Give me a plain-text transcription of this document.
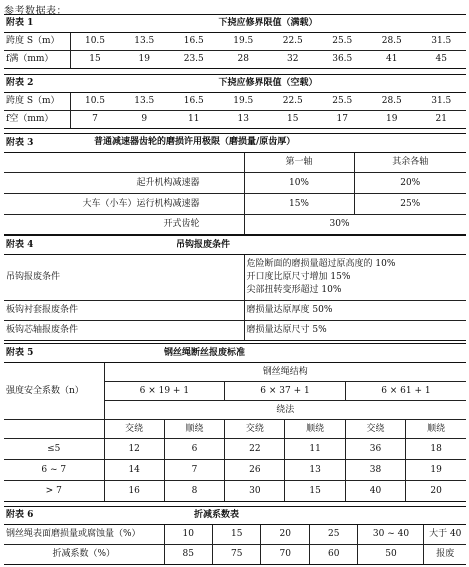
参考数据表：
附表 1	下挠应修界限值（满载）							
跨度 S（m）	10.5	13.5	16.5	19.5	22.5	25.5	28.5	31.5
f满（mm）	15	19	23.5	28	32	36.5	41	45
附表 2	下挠应修界限值（空载）							
跨度 S（m）	10.5	13.5	16.5	19.5	22.5	25.5	28.5	31.5
f空（mm）	7	9	11	13	15	17	19	21
附表 3	普通减速器齿轮的磨损许用极限（磨损量/原齿厚）	

	第一轴	其余各轴
起升机构减速器	10%	20%
大车（小车）运行机构减速器	15%	25%
开式齿轮	30%	
附表 4 吊钩报废条件	

吊钩报废条件	危险断面的磨损量超过原高度的 10%
开口度比原尺寸增加 15%
尖部扭转变形超过 10%

板钩衬套报废条件	磨损量达原厚度 50%
板钩芯轴报废条件	磨损量达原尺寸 5%
附表 5 钢丝绳断丝报废标准						

强度安全系数（n）	钢丝绳结构					
	6 × 19 + 1		6 × 37 + 1		6 × 61 + 1	
	绕法					
	交绕	顺绕	交绕	顺绕	交绕	顺绕
≤5	12	6	22	11	36	18
6 ~ 7	14	7	26	13	38	19
> 7	16	8	30	15	40	20
附表 6 折减系数表						

钢丝绳表面磨损量或腐蚀量（%）	10	15	20	25	30 ~ 40	大于 40
折减系数（%）	85	75	70	60	50	报废
